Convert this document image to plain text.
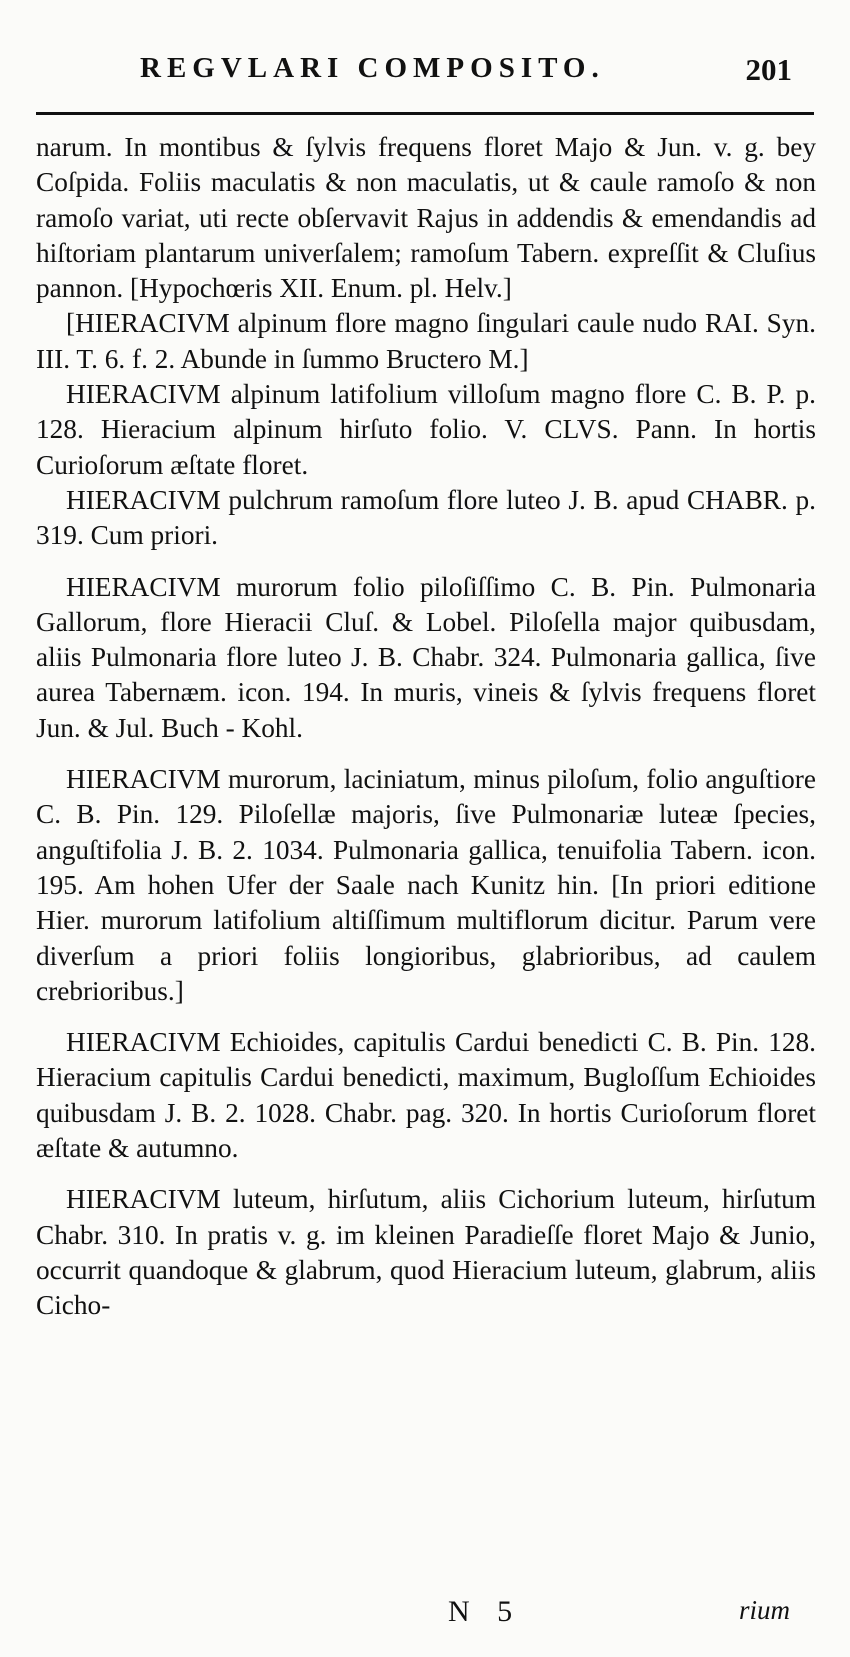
REGVLARI COMPOSITO.	201

narum. In montibus & ſylvis frequens floret Majo & Jun. v. g. bey Coſpida. Foliis maculatis & non maculatis, ut & caule ramoſo & non ramoſo variat, uti recte obſervavit Rajus in addendis & emendandis ad hiſtoriam plantarum univerſalem; ramoſum Tabern. expreſſit & Cluſius pannon. [Hypochœris XII. Enum. pl. Helv.]

[HIERACIVM alpinum flore magno ſingulari caule nudo RAI. Syn. III. T. 6. f. 2. Abunde in ſummo Bructero M.]

HIERACIVM alpinum latifolium villoſum magno flore C. B. P. p. 128. Hieracium alpinum hirſuto folio. V. CLVS. Pann. In hortis Curioſorum æſtate floret.

HIERACIVM pulchrum ramoſum flore luteo J. B. apud CHABR. p. 319. Cum priori.

HIERACIVM murorum folio piloſiſſimo C. B. Pin. Pulmonaria Gallorum, flore Hieracii Cluſ. & Lobel. Piloſella major quibusdam, aliis Pulmonaria flore luteo J. B. Chabr. 324. Pulmonaria gallica, ſive aurea Tabernæm. icon. 194. In muris, vineis & ſylvis frequens floret Jun. & Jul. Buch - Kohl.

HIERACIVM murorum, laciniatum, minus piloſum, folio anguſtiore C. B. Pin. 129. Piloſellæ majoris, ſive Pulmonariæ luteæ ſpecies, anguſtifolia J. B. 2. 1034. Pulmonaria gallica, tenuifolia Tabern. icon. 195. Am hohen Ufer der Saale nach Kunitz hin. [In priori editione Hier. murorum latifolium altiſſimum multiflorum dicitur. Parum vere diverſum a priori foliis longioribus, glabrioribus, ad caulem crebrioribus.]

HIERACIVM Echioides, capitulis Cardui benedicti C. B. Pin. 128. Hieracium capitulis Cardui benedicti, maximum, Bugloſſum Echioides quibusdam J. B. 2. 1028. Chabr. pag. 320. In hortis Curioſorum floret æſtate & autumno.

HIERACIVM luteum, hirſutum, aliis Cichorium luteum, hirſutum Chabr. 310. In pratis v. g. im kleinen Paradieſſe floret Majo & Junio, occurrit quandoque & glabrum, quod Hieracium luteum, glabrum, aliis Cicho-

N 5	rium
